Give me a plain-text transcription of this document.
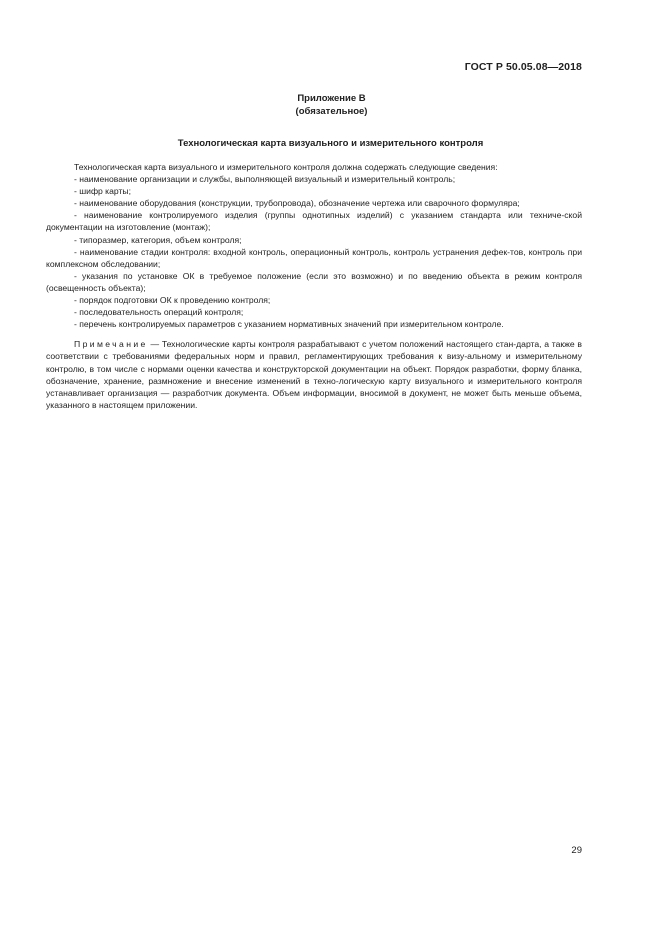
ГОСТ Р 50.05.08—2018
Приложение В
(обязательное)
Технологическая карта визуального и измерительного контроля

Технологическая карта визуального и измерительного контроля должна содержать следующие сведения:

- наименование организации и службы, выполняющей визуальный и измерительный контроль;

- шифр карты;

- наименование оборудования (конструкции, трубопровода), обозначение чертежа или сварочного формуляра;

- наименование контролируемого изделия (группы однотипных изделий) с указанием стандарта или техниче-ской документации на изготовление (монтаж);

- типоразмер, категория, объем контроля;

- наименование стадии контроля: входной контроль, операционный контроль, контроль устранения дефек-тов, контроль при комплексном обследовании;

- указания по установке ОК в требуемое положение (если это возможно) и по введению объекта в режим контроля (освещенность объекта);

- порядок подготовки ОК к проведению контроля;

- последовательность операций контроля;

- перечень контролируемых параметров с указанием нормативных значений при измерительном контроле.

Примечание — Технологические карты контроля разрабатывают с учетом положений настоящего стан-дарта, а также в соответствии с требованиями федеральных норм и правил, регламентирующих требования к визу-альному и измерительному контролю, в том числе с нормами оценки качества и конструкторской документации на объект. Порядок разработки, форму бланка, обозначение, хранение, размножение и внесение изменений в техно-логическую карту визуального и измерительного контроля устанавливает организация — разработчик документа. Объем информации, вносимой в документ, не может быть меньше объема, указанного в настоящем приложении.

29
